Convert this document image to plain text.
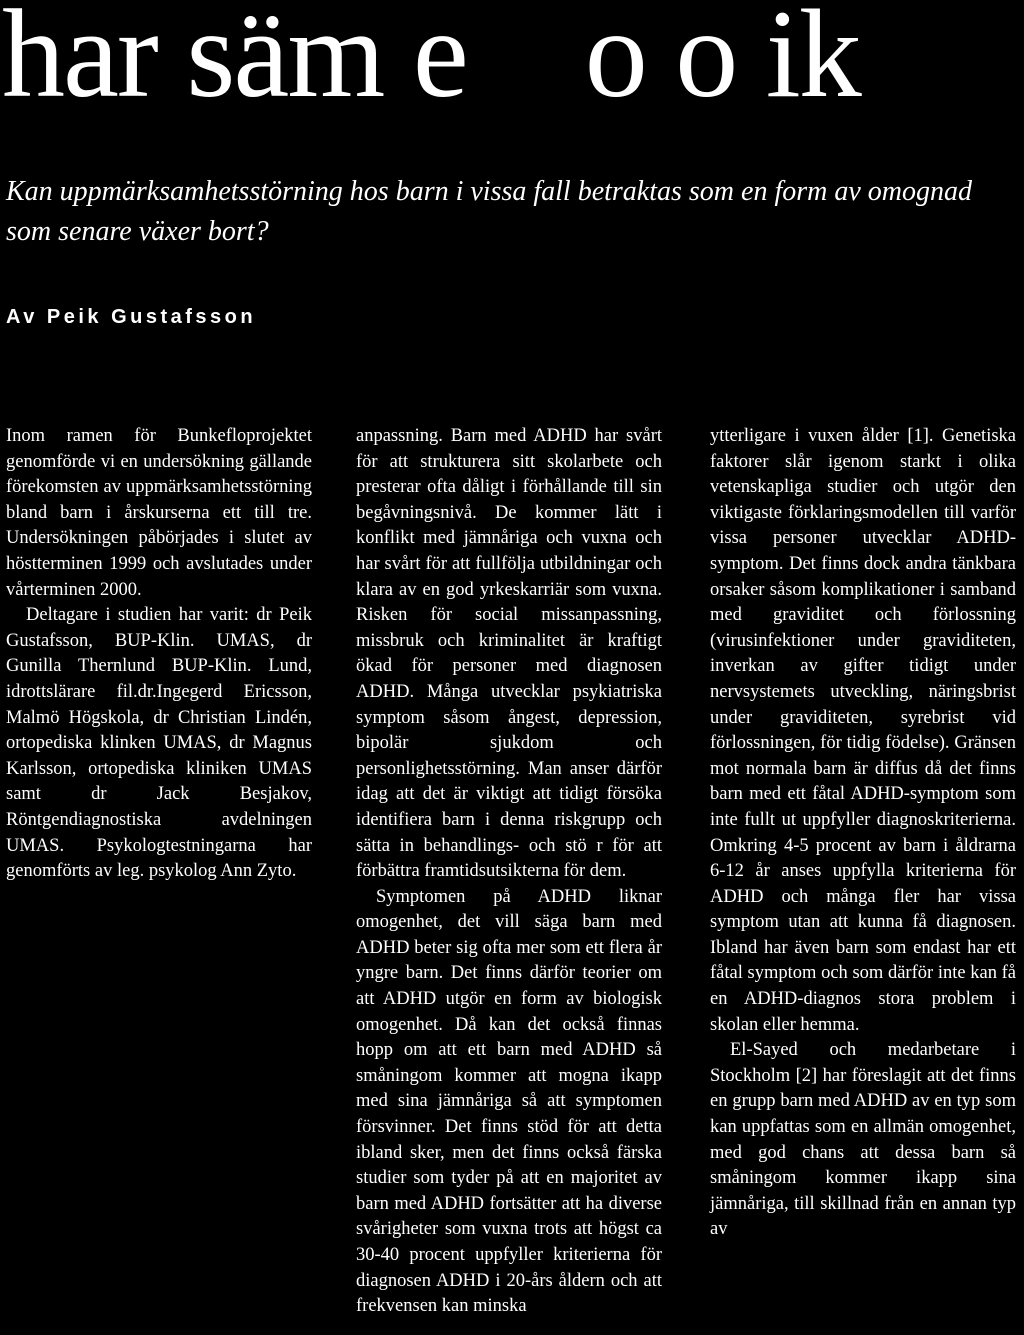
har säm e    o o ik

Kan uppmärksamhetsstörning hos barn i vissa fall betraktas som en form av omognad som senare växer bort?

Av Peik Gustafsson

Inom ramen för Bunkefloprojektet genomförde vi en undersökning gällande förekomsten av uppmärksamhetsstörning bland barn i årskurserna ett till tre. Undersökningen påbörjades i slutet av höstterminen 1999 och avslutades under vårterminen 2000.

Deltagare i studien har varit: dr Peik Gustafsson, BUP-Klin. UMAS, dr Gunilla Thernlund BUP-Klin. Lund, idrottslärare fil.dr.Ingegerd Ericsson, Malmö Högskola, dr Christian Lindén, ortopediska klinken UMAS, dr Magnus Karlsson, ortopediska kliniken UMAS samt dr Jack Besjakov, Röntgendiagnostiska avdelningen UMAS. Psykologtestningarna har genomförts av leg. psykolog Ann Zyto.

anpassning. Barn med ADHD har svårt för att strukturera sitt skolarbete och presterar ofta dåligt i förhållande till sin begåvningsnivå. De kommer lätt i konflikt med jämnåriga och vuxna och har svårt för att fullfölja utbildningar och klara av en god yrkeskarriär som vuxna. Risken för social missanpassning, missbruk och kriminalitet är kraftigt ökad för personer med diagnosen ADHD. Många utvecklar psykiatriska symptom såsom ångest, depression, bipolär sjukdom och personlighetsstörning. Man anser därför idag att det är viktigt att tidigt försöka identifiera barn i denna riskgrupp och sätta in behandlings- och stö r för att förbättra framtidsutsikterna för dem.

Symptomen på ADHD liknar omogenhet, det vill säga barn med ADHD beter sig ofta mer som ett flera år yngre barn. Det finns därför teorier om att ADHD utgör en form av biologisk omogenhet. Då kan det också finnas hopp om att ett barn med ADHD så småningom kommer att mogna ikapp med sina jämnåriga så att symptomen försvinner. Det finns stöd för att detta ibland sker, men det finns också färska studier som tyder på att en majoritet av barn med ADHD fortsätter att ha diverse svårigheter som vuxna trots att högst ca 30-40 procent uppfyller kriterierna för diagnosen ADHD i 20-års åldern och att frekvensen kan minska

ytterligare i vuxen ålder [1]. Genetiska faktorer slår igenom starkt i olika vetenskapliga studier och utgör den viktigaste förklaringsmodellen till varför vissa personer utvecklar ADHD-symptom. Det finns dock andra tänkbara orsaker såsom komplikationer i samband med graviditet och förlossning (virusinfektioner under graviditeten, inverkan av gifter tidigt under nervsystemets utveckling, näringsbrist under graviditeten, syrebrist vid förlossningen, för tidig födelse). Gränsen mot normala barn är diffus då det finns barn med ett fåtal ADHD-symptom som inte fullt ut uppfyller diagnoskriterierna. Omkring 4-5 procent av barn i åldrarna 6-12 år anses uppfylla kriterierna för ADHD och många fler har vissa symptom utan att kunna få diagnosen. Ibland har även barn som endast har ett fåtal symptom och som därför inte kan få en ADHD-diagnos stora problem i skolan eller hemma.

El-Sayed och medarbetare i Stockholm [2] har föreslagit att det finns en grupp barn med ADHD av en typ som kan uppfattas som en allmän omogenhet, med god chans att dessa barn så småningom kommer ikapp sina jämnåriga, till skillnad från en annan typ av
